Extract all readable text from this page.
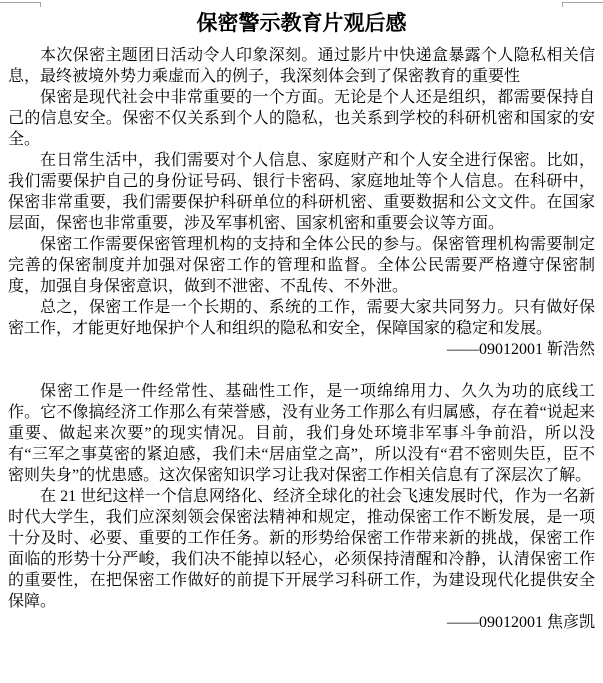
保密警示教育片观后感

本次保密主题团日活动令人印象深刻。通过影片中快递盒暴露个人隐私相关信息，最终被境外势力乘虚而入的例子，我深刻体会到了保密教育的重要性

保密是现代社会中非常重要的一个方面。无论是个人还是组织，都需要保持自己的信息安全。保密不仅关系到个人的隐私，也关系到学校的科研机密和国家的安全。

在日常生活中，我们需要对个人信息、家庭财产和个人安全进行保密。比如，我们需要保护自己的身份证号码、银行卡密码、家庭地址等个人信息。在科研中，保密非常重要，我们需要保护科研单位的科研机密、重要数据和公文文件。在国家层面，保密也非常重要，涉及军事机密、国家机密和重要会议等方面。

保密工作需要保密管理机构的支持和全体公民的参与。保密管理机构需要制定完善的保密制度并加强对保密工作的管理和监督。全体公民需要严格遵守保密制度，加强自身保密意识，做到不泄密、不乱传、不外泄。

总之，保密工作是一个长期的、系统的工作，需要大家共同努力。只有做好保密工作，才能更好地保护个人和组织的隐私和安全，保障国家的稳定和发展。

——09012001 靳浩然

保密工作是一件经常性、基础性工作，是一项绵绵用力、久久为功的底线工作。它不像搞经济工作那么有荣誉感，没有业务工作那么有归属感，存在着“说起来重要、做起来次要”的现实情况。目前，我们身处环境非军事斗争前沿，所以没有“三军之事莫密的紧迫感，我们未“居庙堂之高”，所以没有“君不密则失臣，臣不密则失身”的忧患感。这次保密知识学习让我对保密工作相关信息有了深层次了解。

在 21 世纪这样一个信息网络化、经济全球化的社会飞速发展时代，作为一名新时代大学生，我们应深刻领会保密法精神和规定，推动保密工作不断发展，是一项十分及时、必要、重要的工作任务。新的形势给保密工作带来新的挑战，保密工作面临的形势十分严峻，我们决不能掉以轻心，必须保持清醒和冷静，认清保密工作的重要性，在把保密工作做好的前提下开展学习科研工作，为建设现代化提供安全保障。

——09012001 焦彦凯
